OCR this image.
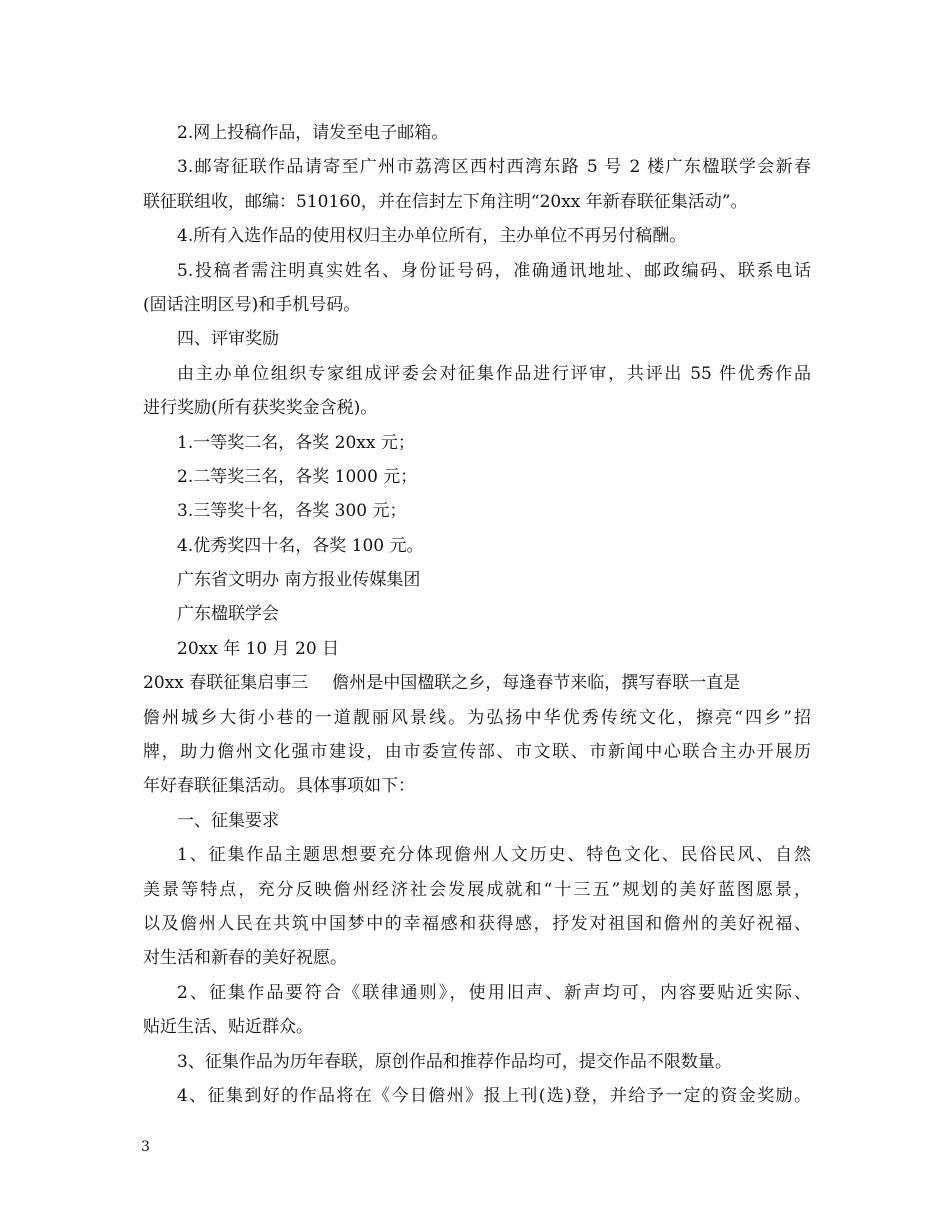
2.网上投稿作品，请发至电子邮箱。
3.邮寄征联作品请寄至广州市荔湾区西村西湾东路 5 号 2 楼广东楹联学会新春
联征联组收，邮编：510160，并在信封左下角注明“20xx 年新春联征集活动”。
4.所有入选作品的使用权归主办单位所有，主办单位不再另付稿酬。
5.投稿者需注明真实姓名、身份证号码，准确通讯地址、邮政编码、联系电话
(固话注明区号)和手机号码。
四、评审奖励
由主办单位组织专家组成评委会对征集作品进行评审，共评出 55 件优秀作品
进行奖励(所有获奖奖金含税)。
1.一等奖二名，各奖 20xx 元；
2.二等奖三名，各奖 1000 元；
3.三等奖十名，各奖 300 元；
4.优秀奖四十名，各奖 100 元。
广东省文明办 南方报业传媒集团
广东楹联学会
20xx 年 10 月 20 日
20xx 春联征集启事三 儋州是中国楹联之乡，每逢春节来临，撰写春联一直是
儋州城乡大街小巷的一道靓丽风景线。为弘扬中华优秀传统文化，擦亮“四乡”招
牌，助力儋州文化强市建设，由市委宣传部、市文联、市新闻中心联合主办开展历
年好春联征集活动。具体事项如下：
一、征集要求
1、征集作品主题思想要充分体现儋州人文历史、特色文化、民俗民风、自然
美景等特点，充分反映儋州经济社会发展成就和“十三五”规划的美好蓝图愿景，
以及儋州人民在共筑中国梦中的幸福感和获得感，抒发对祖国和儋州的美好祝福、
对生活和新春的美好祝愿。
2、征集作品要符合《联律通则》，使用旧声、新声均可，内容要贴近实际、
贴近生活、贴近群众。
3、征集作品为历年春联，原创作品和推荐作品均可，提交作品不限数量。
4、征集到好的作品将在《今日儋州》报上刊(选)登，并给予一定的资金奖励。
3
